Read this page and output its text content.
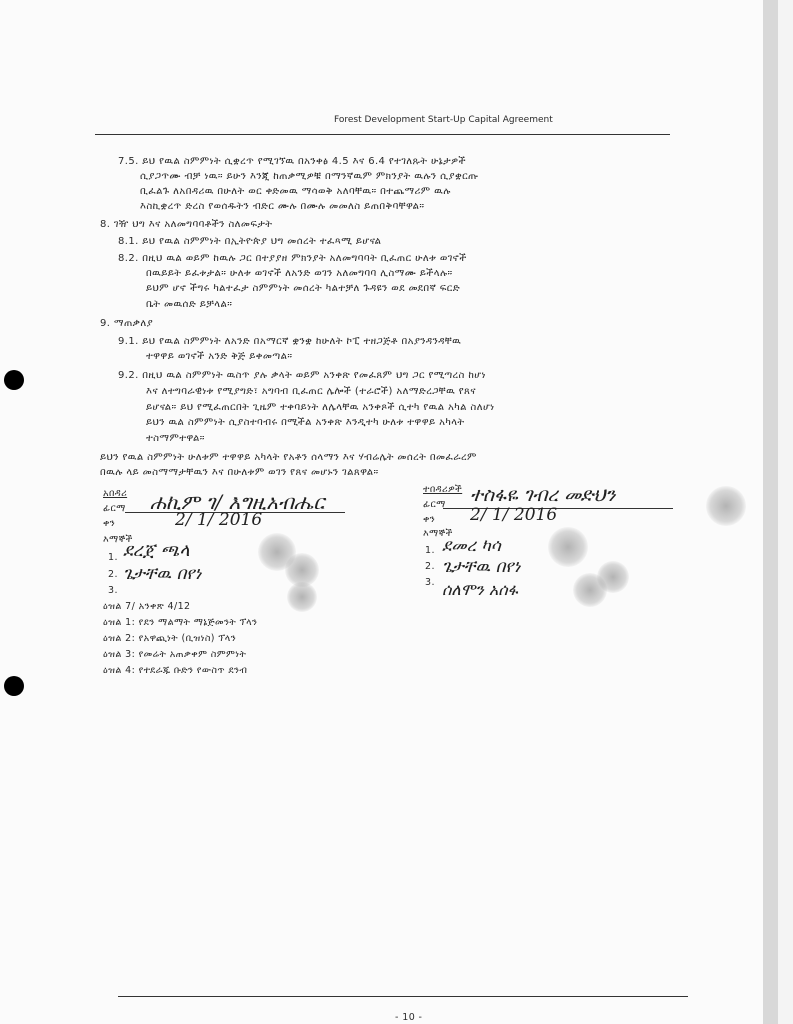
Forest Development Start-Up Capital Agreement
7.5. ይህ የዉል ስምምነት ሲቋረጥ የሚገኘዉ በአንቀፅ 4.5 እና 6.4 የተገለጹት ሁኔታዎች
ሲያጋጥሙ ብቻ ነዉ። ይሁን እንጂ ከጠቃሚዎቹ በማንኛዉም ምክንያት ዉሉን ሲያቋርጡ
ቢፈልጉ ለአበዳሪዉ በሁለት ወር ቀድመዉ ማሳወቅ አለባቸዉ። በተጨማሪም ዉሉ
እስኪቋረጥ ድረስ የወሰዱትን ብድር ሙሉ በሙሉ መመለስ ይጠበቅባቸዋል።
8. ገዥ ህግ እና አለመግባባቶችን ስለመፍታት
8.1. ይህ የዉል ስምምነት በኢትዮጵያ ህግ መሰረት ተፈጻሚ ይሆናል
8.2. በዚህ ዉል ወይም ከዉሉ ጋር በተያያዘ ምክንያት አለመግባባት ቢፈጠር ሁለቱ ወገኖች
በዉይይት ይፈቱታል። ሁለቱ ወገኖች ለአንድ ወገን አለመግባባ ሊስማሙ ይችላሉ።
ይህም ሆኖ ችግሩ ካልተፈታ ስምምነት መሰረት ካልተቻለ ጉዳዩን ወደ መደበኛ ፍርድ
ቤት መዉሰድ ይቻላል።
9. ማጠቃለያ
9.1. ይህ የዉል ስምምነት ለአንድ በአማርኛ ቋንቋ ከሁለት ኮፒ ተዘጋጅቶ በአያንዳንዳቸዉ
ተዋዋይ ወገኖች አንድ ቅጅ ይቀመጣል።
9.2. በዚህ ዉል ስምምነት ዉስጥ ያሉ ቃላት ወይም አንቀጽ የመፈጸም ህግ ጋር የሚጣረስ ከሆነ
እና ለተግባራዊነቱ የሚያግድ፣ አግባብ ቢፈጠር ሌሎች (ተራሮች) አለማድረጋቸዉ የጸና
ይሆናል። ይህ የሚፈጠርበት ጊዜም ተቀባይነት ለሌላቸዉ አንቀጾች ሲተካ የዉል አካል ስለሆነ
ይህን ዉል ስምምነት ሲያስተባብሩ በሚችል አንቀጽ እንዲተካ ሁለቱ ተዋዋይ አካላት
ተስማምተዋል።
ይህን የዉል ስምምነት ሁለቱም ተዋዋይ አካላት የአቶን ሰላማን እና ሃብሬሌት መሰረት በመፈራረም
በዉሉ ላይ መስማማታቸዉን እና በሁለቱም ወገን የጸና መሆኑን ገልጸዋል።
አበዳሪ
ፊርማ ሐኪም ገ/ እግዚአብሔር
ቀን	2/ 1/ 2016
እማኞች
1. ደረጀ ጫላ
2. ጌታቸዉ በየነ
3.
ዕዝል 7/ አንቀጽ 4/12
ዕዝል 1: የደን ማልማት ማኔጅመንት ፕላን
ዕዝል 2: የአዋጪነት (ቢዝነስ) ፕላን
ዕዝል 3: የመሬት አጠቃቀም ስምምነት
ዕዝል 4: የተደራጁ ቡድን የውስጥ ደንብ
ተበዳሪዎች
ፊርማ ተስፋዬ ገብረ መድህን
ቀን 2/ 1/ 2016
እማኞች
1. ደመረ ካሳ
2. ጌታቸዉ በየነ
3. ሰለሞን አሰፋ
- 10 -
